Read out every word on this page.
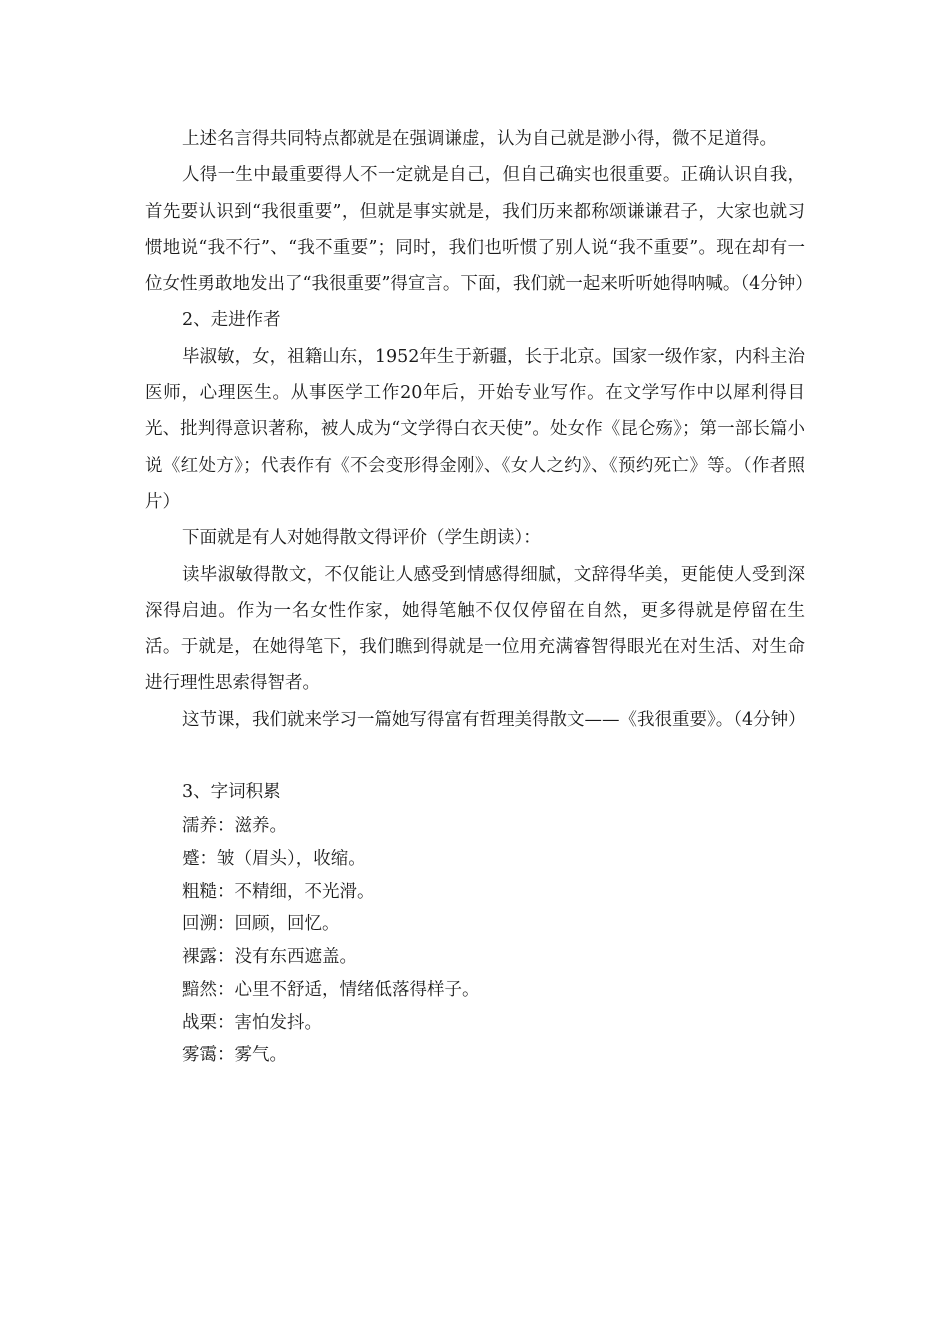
上述名言得共同特点都就是在强调谦虚，认为自己就是渺小得，微不足道得。

人得一生中最重要得人不一定就是自己，但自己确实也很重要。正确认识自我，首先要认识到“我很重要”，但就是事实就是，我们历来都称颂谦谦君子，大家也就习惯地说“我不行”、“我不重要”；同时，我们也听惯了别人说“我不重要”。现在却有一位女性勇敢地发出了“我很重要”得宣言。下面，我们就一起来听听她得呐喊。（4分钟）

2、走进作者

毕淑敏，女，祖籍山东，1952年生于新疆，长于北京。国家一级作家，内科主治医师，心理医生。从事医学工作20年后，开始专业写作。在文学写作中以犀利得目光、批判得意识著称，被人成为“文学得白衣天使”。处女作《昆仑殇》；第一部长篇小说《红处方》；代表作有《不会变形得金刚》、《女人之约》、《预约死亡》等。（作者照片）

下面就是有人对她得散文得评价（学生朗读）：

读毕淑敏得散文，不仅能让人感受到情感得细腻，文辞得华美，更能使人受到深深得启迪。作为一名女性作家，她得笔触不仅仅停留在自然，更多得就是停留在生活。于就是，在她得笔下，我们瞧到得就是一位用充满睿智得眼光在对生活、对生命进行理性思索得智者。

这节课，我们就来学习一篇她写得富有哲理美得散文——《我很重要》。（4分钟）

3、字词积累

濡养：滋养。

蹙：皱（眉头），收缩。

粗糙：不精细，不光滑。

回溯：回顾，回忆。

裸露：没有东西遮盖。

黯然：心里不舒适，情绪低落得样子。

战栗：害怕发抖。

雾霭：雾气。
